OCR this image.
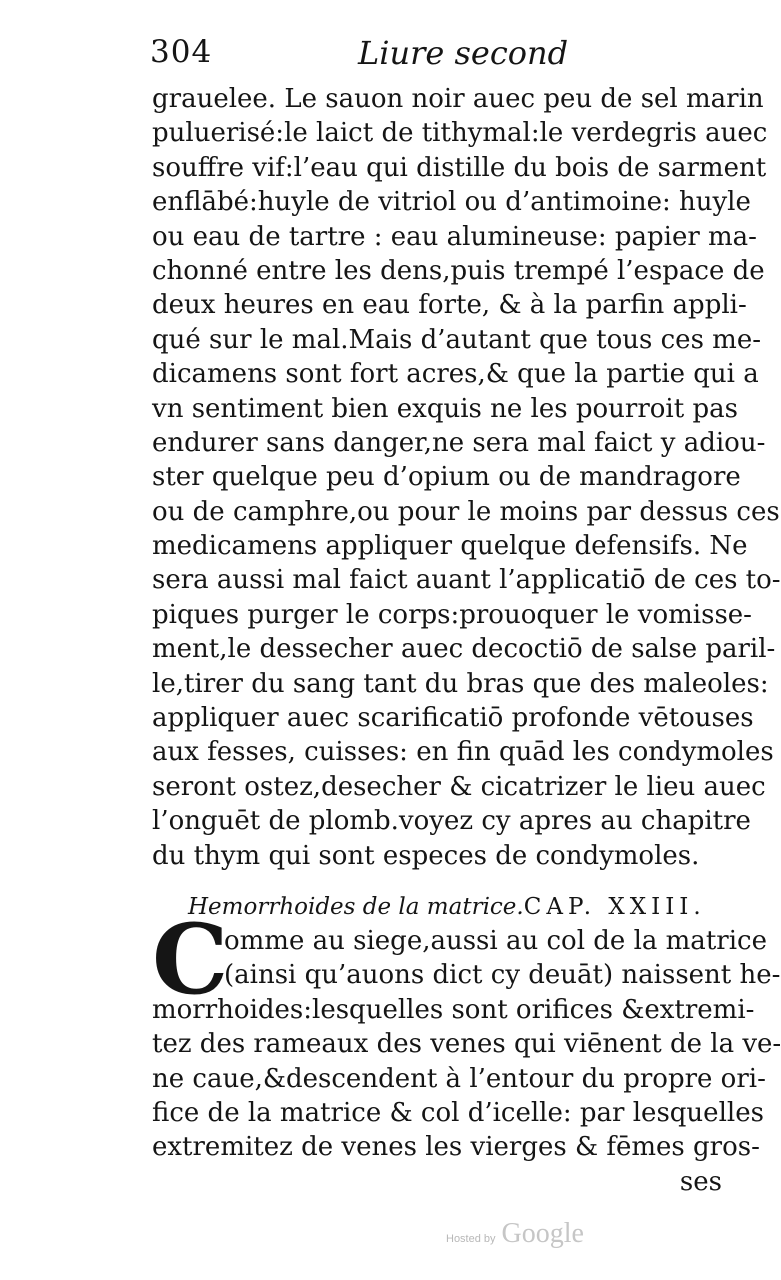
304	Liure second
grauelee. Le sauon noir auec peu de sel marin
puluerisé:le laict de tithymal:le verdegris auec
souffre vif:l’eau qui distille du bois de sarment
enflābé:huyle de vitriol ou d’antimoine: huyle
ou eau de tartre : eau alumineuse: papier ma-
chonné entre les dens,puis trempé l’espace de
deux heures en eau forte, & à la parfin appli-
qué sur le mal.Mais d’autant que tous ces me-
dicamens sont fort acres,& que la partie qui a
vn sentiment bien exquis ne les pourroit pas
endurer sans danger,ne sera mal faict y adiou-
ster quelque peu d’opium ou de mandragore
ou de camphre,ou pour le moins par dessus ces
medicamens appliquer quelque defensifs. Ne
sera aussi mal faict auant l’applicatiō de ces to-
piques purger le corps:prouoquer le vomisse-
ment,le dessecher auec decoctiō de salse paril-
le,tirer du sang tant du bras que des maleoles:
appliquer auec scarificatiō profonde vētouses
aux fesses, cuisses: en fin quād les condymoles
seront ostez,desecher & cicatrizer le lieu auec
l’onguēt de plomb.voyez cy apres au chapitre
du thym qui sont especes de condymoles.
Hemorrhoides de la matrice. CAP. XXIII.
C
omme au siege,aussi au col de la matrice
(ainsi qu’auons dict cy deuāt) naissent he-
morrhoides:lesquelles sont orifices &extremi-
tez des rameaux des venes qui viēnent de la ve-
ne caue,&descendent à l’entour du propre ori-
fice de la matrice & col d’icelle: par lesquelles
extremitez de venes les vierges & fēmes gros-
ses
Hosted by Google
